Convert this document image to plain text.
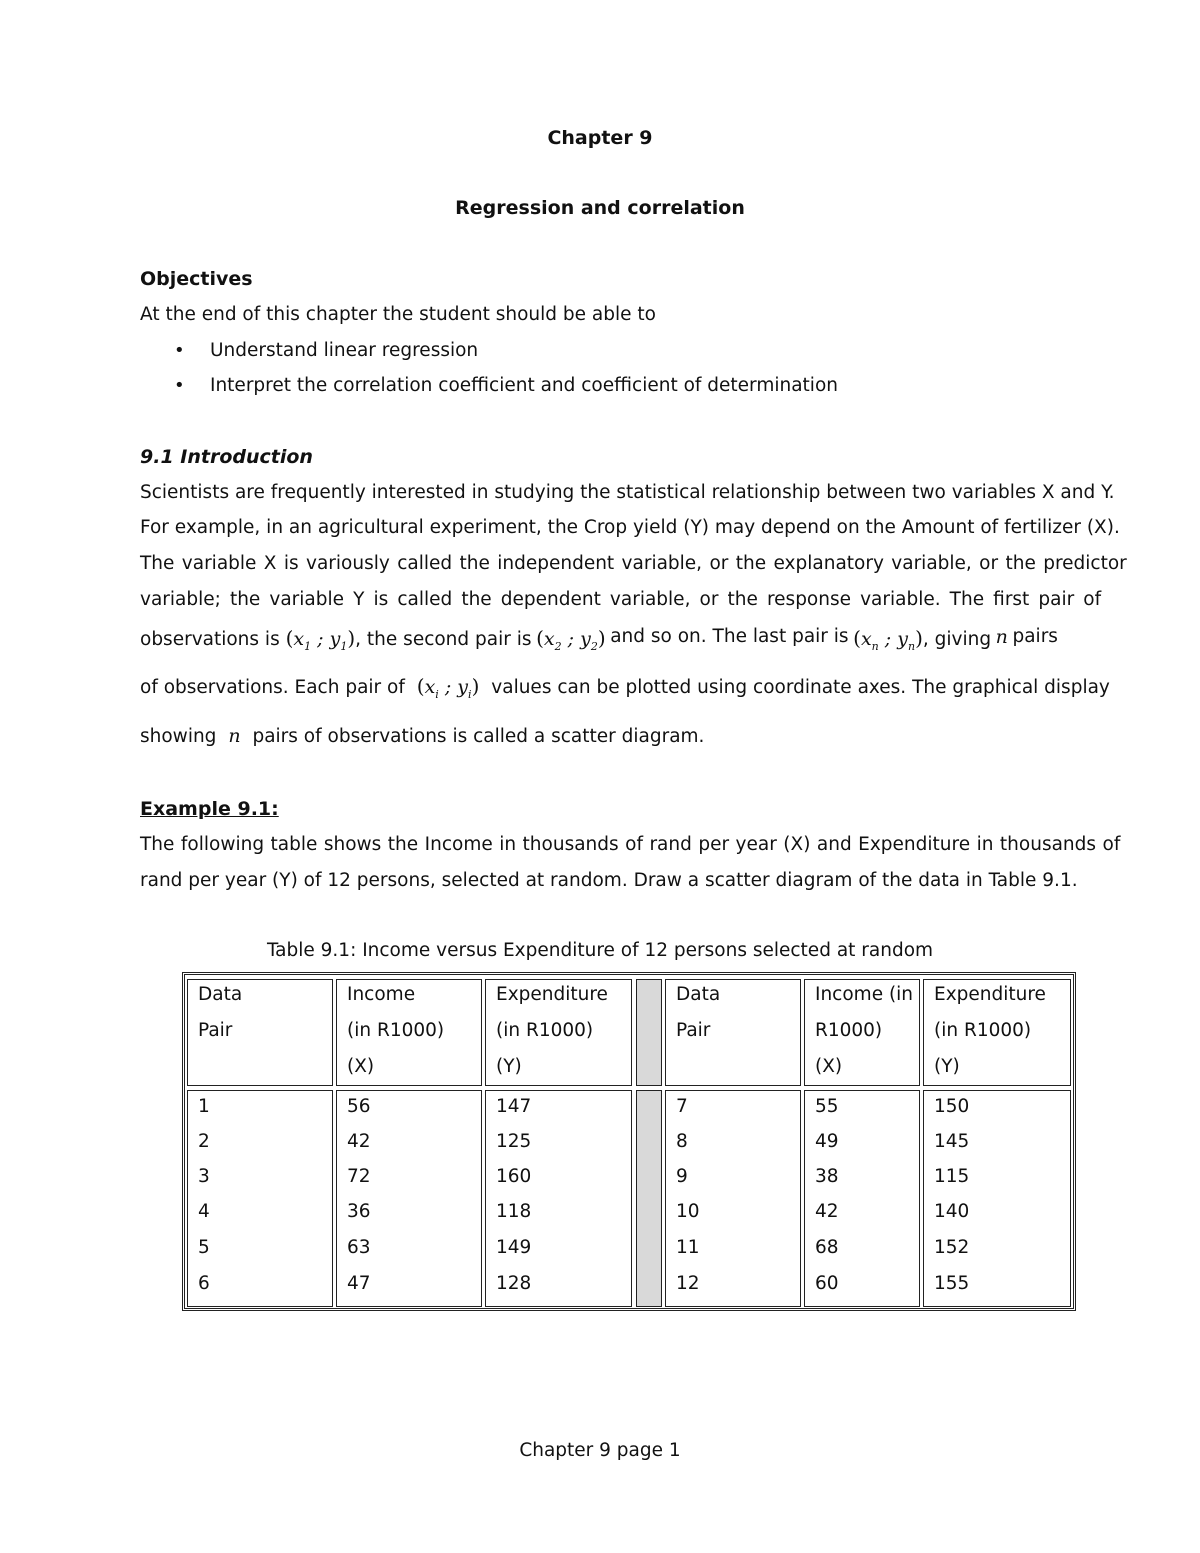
Chapter 9
Regression and correlation
Objectives
At the end of this chapter the student should be able to
• Understand linear regression
• Interpret the correlation coefficient and coefficient of determination
9.1 Introduction
Scientists are frequently interested in studying the statistical relationship between two variables X and Y.
For example, in an agricultural experiment, the Crop yield (Y) may depend on the Amount of fertilizer (X).
The variable X is variously called the independent variable, or the explanatory variable, or the predictor
variable; the variable Y is called the dependent variable, or the response variable. The first pair of
observations is ($x_1$ ; $y_1$), the second pair is ($x_2$ ; $y_2$) and so on. The last pair is ($x_n$ ; $y_n$), giving n pairs
of observations. Each pair of ($x_i$ ; $y_i$) values can be plotted using coordinate axes. The graphical display
showing n pairs of observations is called a scatter diagram.
Example 9.1:
The following table shows the Income in thousands of rand per year (X) and Expenditure in thousands of
rand per year (Y) of 12 persons, selected at random. Draw a scatter diagram of the data in Table 9.1.
Table 9.1: Income versus Expenditure of 12 persons selected at random
Data
Pair
Income
(in R1000)
(X)
Expenditure
(in R1000)
(Y)
Data
Pair
Income (in
R1000)
(X)
Expenditure
(in R1000)
(Y)
1
2
3
4
5
6
56
42
72
36
63
47
147
125
160
118
149
128
7
8
9
10
11
12
55
49
38
42
68
60
150
145
115
140
152
155
Chapter 9 page 1
